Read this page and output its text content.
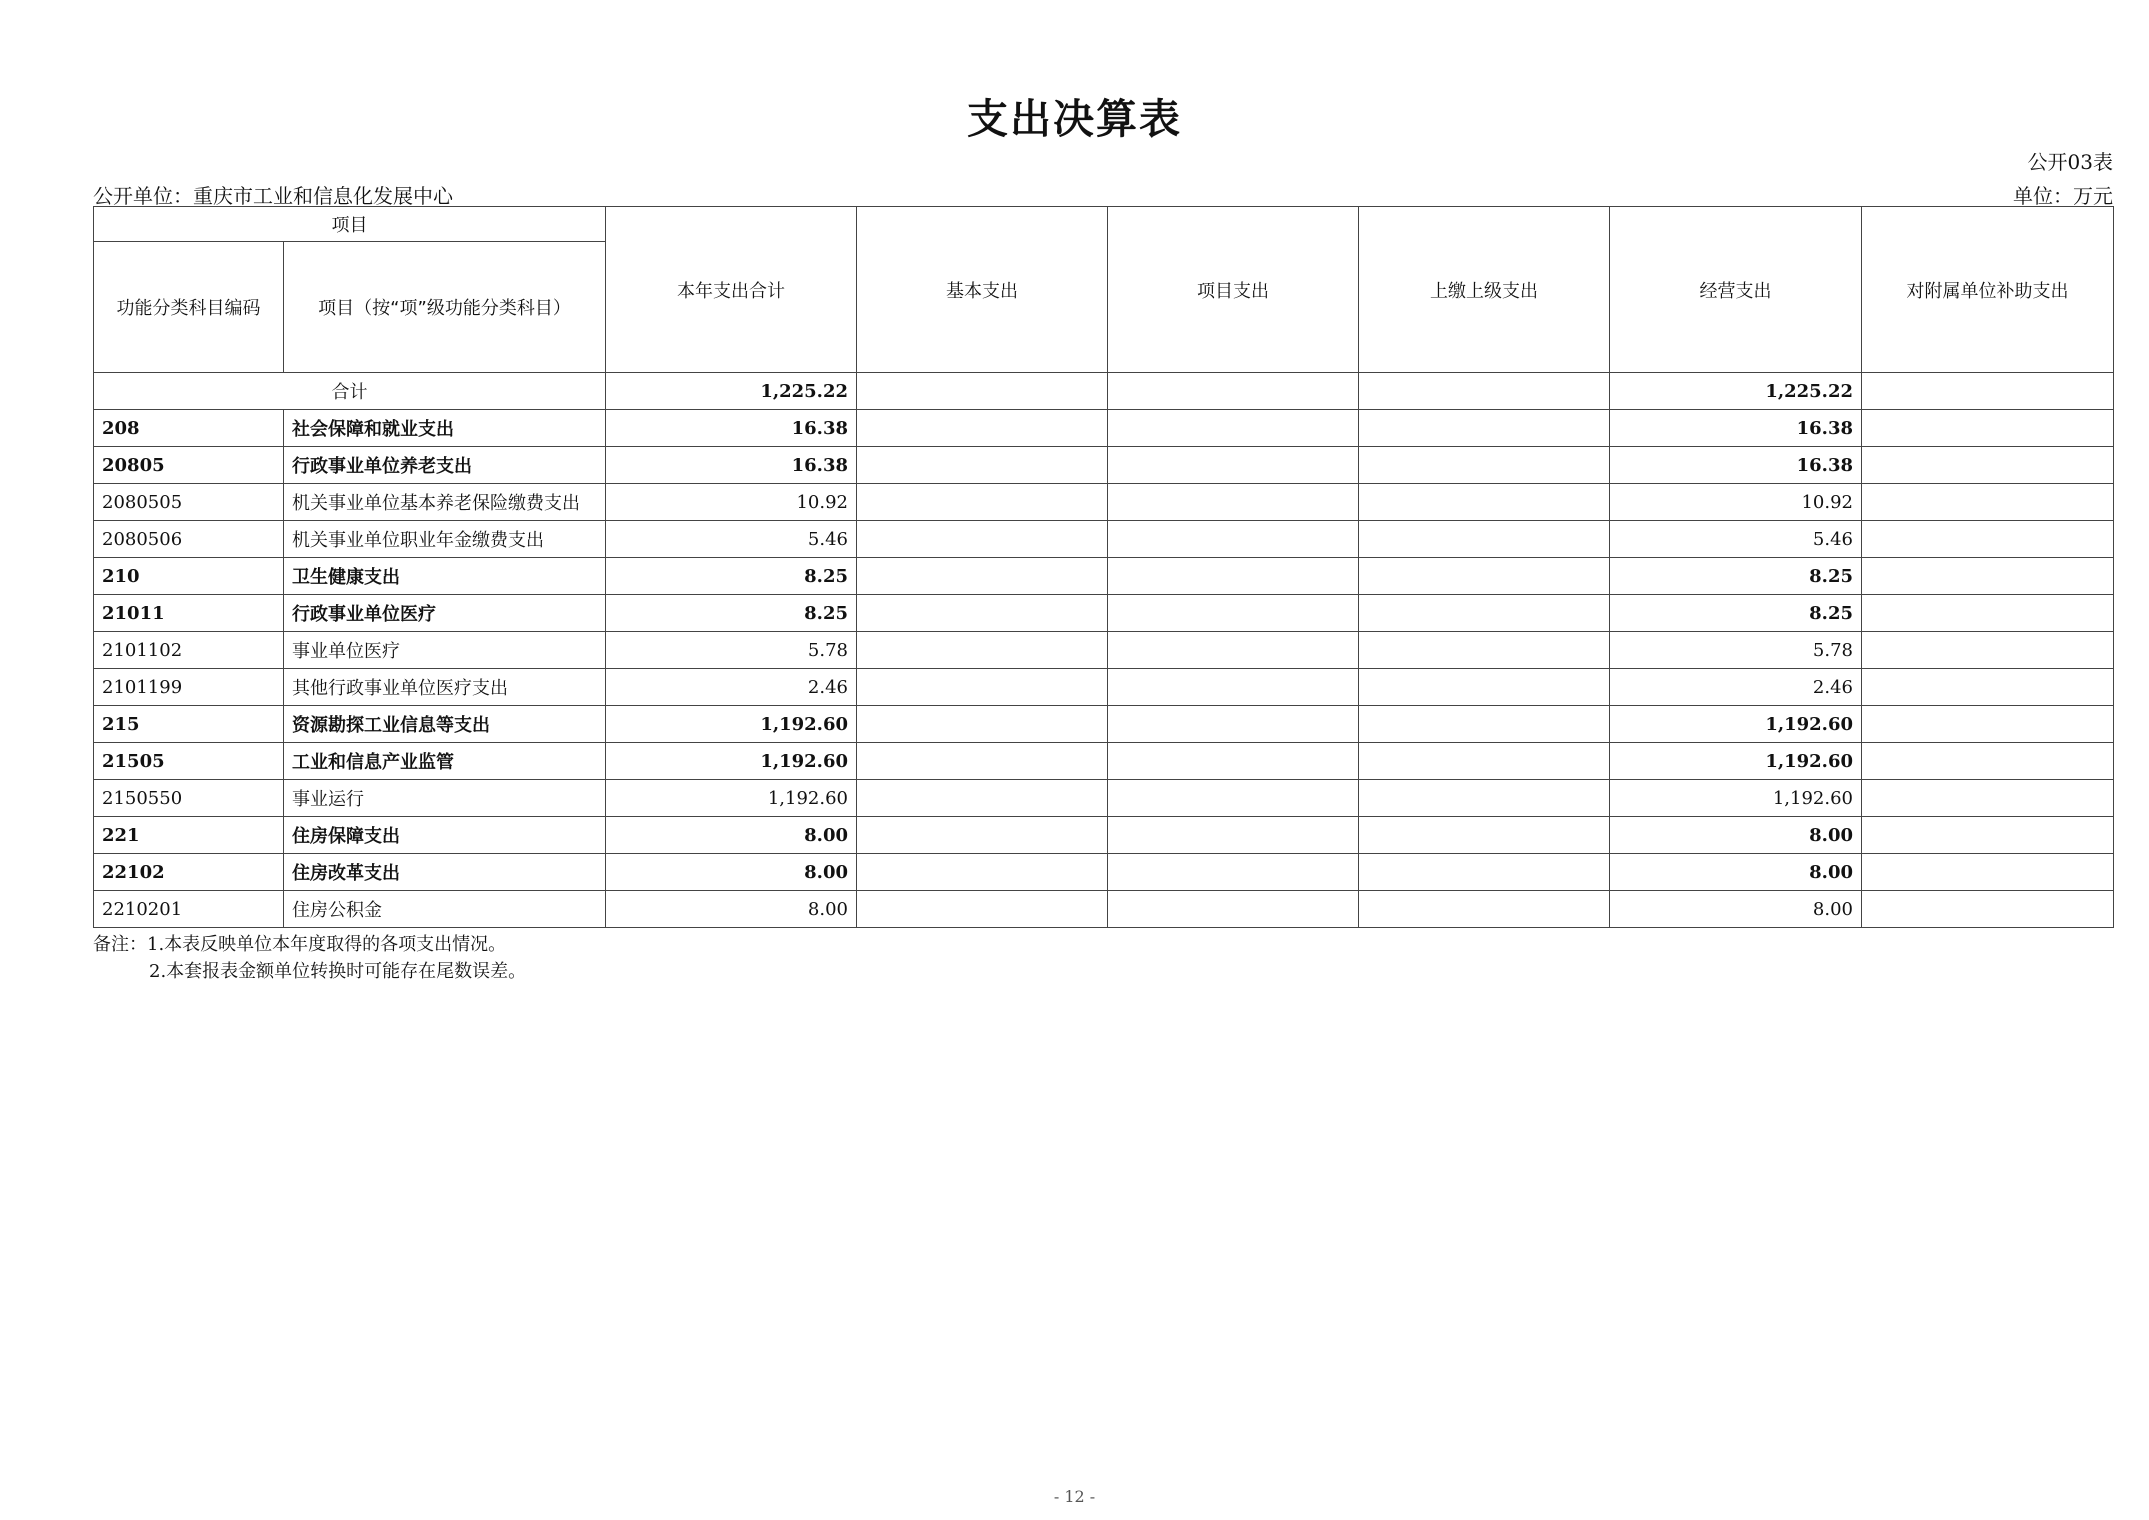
支出决算表
公开03表
公开单位：重庆市工业和信息化发展中心	单位：万元
项目		本年支出合计	基本支出	项目支出	上缴上级支出	经营支出	对附属单位补助支出
功能分类科目编码	项目（按“项”级功能分类科目）						
合计		1,225.22				1,225.22	
208	社会保障和就业支出	16.38				16.38	
20805	行政事业单位养老支出	16.38				16.38	
2080505	机关事业单位基本养老保险缴费支出	10.92				10.92	
2080506	机关事业单位职业年金缴费支出	5.46				5.46	
210	卫生健康支出	8.25				8.25	
21011	行政事业单位医疗	8.25				8.25	
2101102	事业单位医疗	5.78				5.78	
2101199	其他行政事业单位医疗支出	2.46				2.46	
215	资源勘探工业信息等支出	1,192.60				1,192.60	
21505	工业和信息产业监管	1,192.60				1,192.60	
2150550	事业运行	1,192.60				1,192.60	
221	住房保障支出	8.00				8.00	
22102	住房改革支出	8.00				8.00	
2210201	住房公积金	8.00				8.00	
备注：1.本表反映单位本年度取得的各项支出情况。
2.本套报表金额单位转换时可能存在尾数误差。
- 12 -
